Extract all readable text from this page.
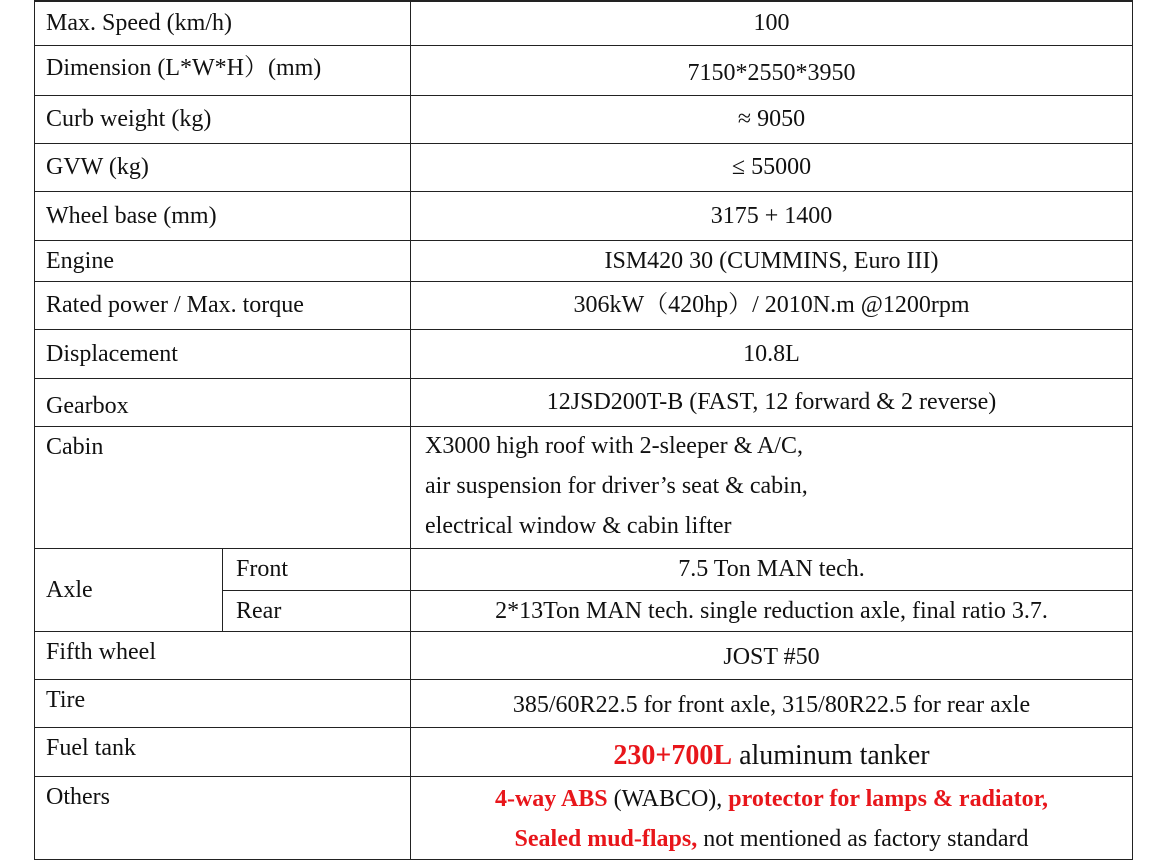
Max. Speed (km/h)		100
Dimension (L*W*H）(mm)		7150*2550*3950
Curb weight (kg)		≈ 9050
GVW (kg)		≤ 55000
Wheel base (mm)		3175 + 1400
Engine		ISM420 30 (CUMMINS, Euro III)
Rated power / Max. torque		306kW（420hp）/ 2010N.m @1200rpm
Displacement		10.8L
Gearbox		12JSD200T-B (FAST, 12 forward & 2 reverse)
Cabin		X3000 high roof with 2-sleeper & A/C,
air suspension for driver’s seat & cabin,
electrical window & cabin lifter

Axle	Front	7.5 Ton MAN tech.
	Rear	2*13Ton MAN tech. single reduction axle, final ratio 3.7.
Fifth wheel		JOST #50
Tire		385/60R22.5 for front axle, 315/80R22.5 for rear axle
Fuel tank		230+700L aluminum tanker
Others		4-way ABS (WABCO), protector for lamps & radiator,
Sealed mud-flaps, not mentioned as factory standard
